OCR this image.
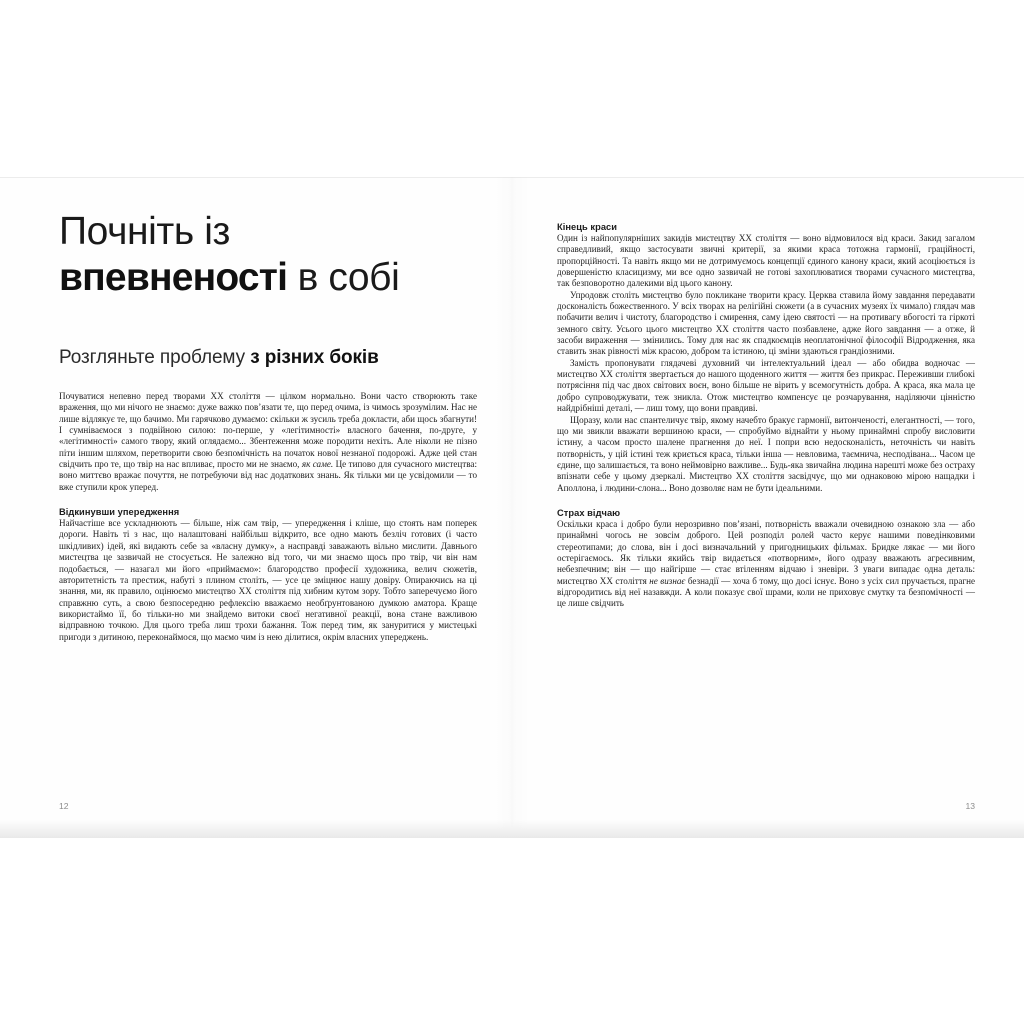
Почніть із
впевненості в собі
Розгляньте проблему з різних боків

Почуватися непевно перед творами XX століття — цілком нормально. Вони часто створюють таке враження, що ми нічого не знаємо: дуже важко пов’язати те, що перед очима, із чимось зрозумілим. Нас не лише відлякує те, що бачимо. Ми гарячково думаємо: скільки ж зусиль треба докласти, аби щось збагнути! І сумніваємося з подвійною силою: по-перше, у «легітимності» власного бачення, по-друге, у «легітимності» самого твору, який оглядаємо... Збентеження може породити нехіть. Але ніколи не пізно піти іншим шляхом, перетворити свою безпомічність на початок нової незнаної подорожі. Адже цей стан свідчить про те, що твір на нас впливає, просто ми не знаємо, як саме. Це типово для сучасного мистецтва: воно миттєво вражає почуття, не потребуючи від нас додаткових знань. Як тільки ми це усвідомили — то вже ступили крок уперед.

Відкинувши упередження

Найчастіше все ускладнюють — більше, ніж сам твір, — упередження і кліше, що стоять нам поперек дороги. Навіть ті з нас, що налаштовані найбільш відкрито, все одно мають безліч готових (і часто шкідливих) ідей, які видають себе за «власну думку», а насправді заважають вільно мислити. Давнього мистецтва це зазвичай не стосується. Не залежно від того, чи ми знаємо щось про твір, чи він нам подобається, — назагал ми його «приймаємо»: благородство професії художника, велич сюжетів, авторитетність та престиж, набуті з плином століть, — усе це зміцнює нашу довіру. Опираючись на ці знання, ми, як правило, оцінюємо мистецтво XX століття під хибним кутом зору. Тобто заперечуємо його справжню суть, а свою безпосередню рефлексію вважаємо необґрунтованою думкою аматора. Краще використаймо її, бо тільки-но ми знайдемо витоки своєї негативної реакції, вона стане важливою відправною точкою. Для цього треба лиш трохи бажання. Тож перед тим, як зануритися у мистецькі пригоди з дитиною, переконаймося, що маємо чим із нею ділитися, окрім власних упереджень.

12
Кінець краси

Один із найпопулярніших закидів мистецтву XX століття — воно відмовилося від краси. Закид загалом справедливий, якщо застосувати звичні критерії, за якими краса тотожна гармонії, граційності, пропорційності. Та навіть якщо ми не дотримуємось концепції єдиного канону краси, який асоціюється із довершеністю класицизму, ми все одно зазвичай не готові захоплюватися творами сучасного мистецтва, так безповоротно далекими від цього канону.

Упродовж століть мистецтво було покликане творити красу. Церква ставила йому завдання передавати досконалість божественного. У всіх творах на релігійні сюжети (а в сучасних музеях їх чимало) глядач мав побачити велич і чистоту, благородство і смирення, саму ідею святості — на противагу вбогості та гіркоті земного світу. Усього цього мистецтво XX століття часто позбавлене, адже його завдання — а отже, й засоби вираження — змінились. Тому для нас як спадкоємців неоплатонічної філософії Відродження, яка ставить знак рівності між красою, добром та істиною, ці зміни здаються грандіозними.

Замість пропонувати глядачеві духовний чи інтелектуальний ідеал — або обидва водночас — мистецтво XX століття звертається до нашого щоденного життя — життя без прикрас. Переживши глибокі потрясіння під час двох світових воєн, воно більше не вірить у всемогутність добра. А краса, яка мала це добро супроводжувати, теж зникла. Отож мистецтво компенсує це розчарування, наділяючи цінністю найдрібніші деталі, — лиш тому, що вони правдиві.

Щоразу, коли нас спантеличує твір, якому начебто бракує гармонії, витонченості, елегантності, — того, що ми звикли вважати вершиною краси, — спробуймо віднайти у ньому принаймні спробу висловити істину, а часом просто шалене прагнення до неї. І попри всю недосконалість, неточність чи навіть потворність, у цій істині теж криється краса, тільки інша — невловима, таємнича, несподівана... Часом це єдине, що залишається, та воно неймовірно важливе... Будь-яка звичайна людина нарешті може без остраху впізнати себе у цьому дзеркалі. Мистецтво XX століття засвідчує, що ми однаковою мірою нащадки і Аполлона, і людини-слона... Воно дозволяє нам не бути ідеальними.

Страх відчаю

Оскільки краса і добро були нерозривно пов’язані, потворність вважали очевидною ознакою зла — або принаймні чогось не зовсім доброго. Цей розподіл ролей часто керує нашими поведінковими стереотипами; до слова, він і досі визначальний у пригодницьких фільмах. Бридке лякає — ми його остерігаємось. Як тільки якийсь твір видається «потворним», його одразу вважають агресивним, небезпечним; він — що найгірше — стає втіленням відчаю і зневіри. З уваги випадає одна деталь: мистецтво XX століття не визнає безнадії — хоча б тому, що досі існує. Воно з усіх сил пручається, прагне відгородитись від неї назавжди. А коли показує свої шрами, коли не приховує смутку та безпомічності — це лише свідчить

13
